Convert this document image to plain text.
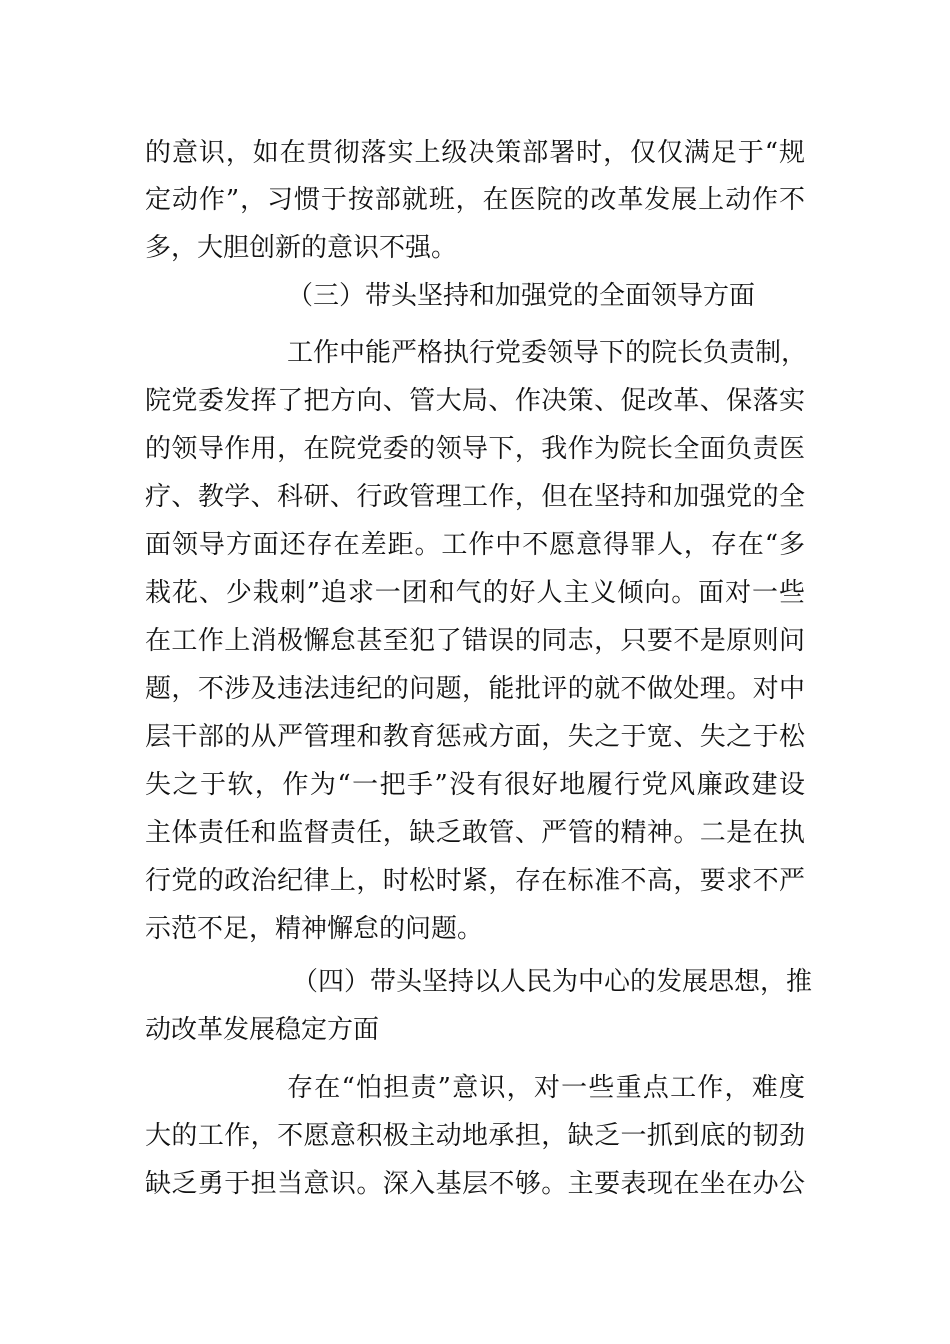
的意识，如在贯彻落实上级决策部署时，仅仅满足于“规
定动作”，习惯于按部就班，在医院的改革发展上动作不
多，大胆创新的意识不强。
（三）带头坚持和加强党的全面领导方面
工作中能严格执行党委领导下的院长负责制，
院党委发挥了把方向、管大局、作决策、促改革、保落实
的领导作用，在院党委的领导下，我作为院长全面负责医
疗、教学、科研、行政管理工作，但在坚持和加强党的全
面领导方面还存在差距。工作中不愿意得罪人，存在“多
栽花、少栽刺”追求一团和气的好人主义倾向。面对一些
在工作上消极懈怠甚至犯了错误的同志，只要不是原则问
题，不涉及违法违纪的问题，能批评的就不做处理。对中
层干部的从严管理和教育惩戒方面，失之于宽、失之于松
失之于软，作为“一把手”没有很好地履行党风廉政建设
主体责任和监督责任，缺乏敢管、严管的精神。二是在执
行党的政治纪律上，时松时紧，存在标准不高，要求不严
示范不足，精神懈怠的问题。
（四）带头坚持以人民为中心的发展思想，推
动改革发展稳定方面
存在“怕担责”意识，对一些重点工作，难度
大的工作，不愿意积极主动地承担，缺乏一抓到底的韧劲
缺乏勇于担当意识。深入基层不够。主要表现在坐在办公
